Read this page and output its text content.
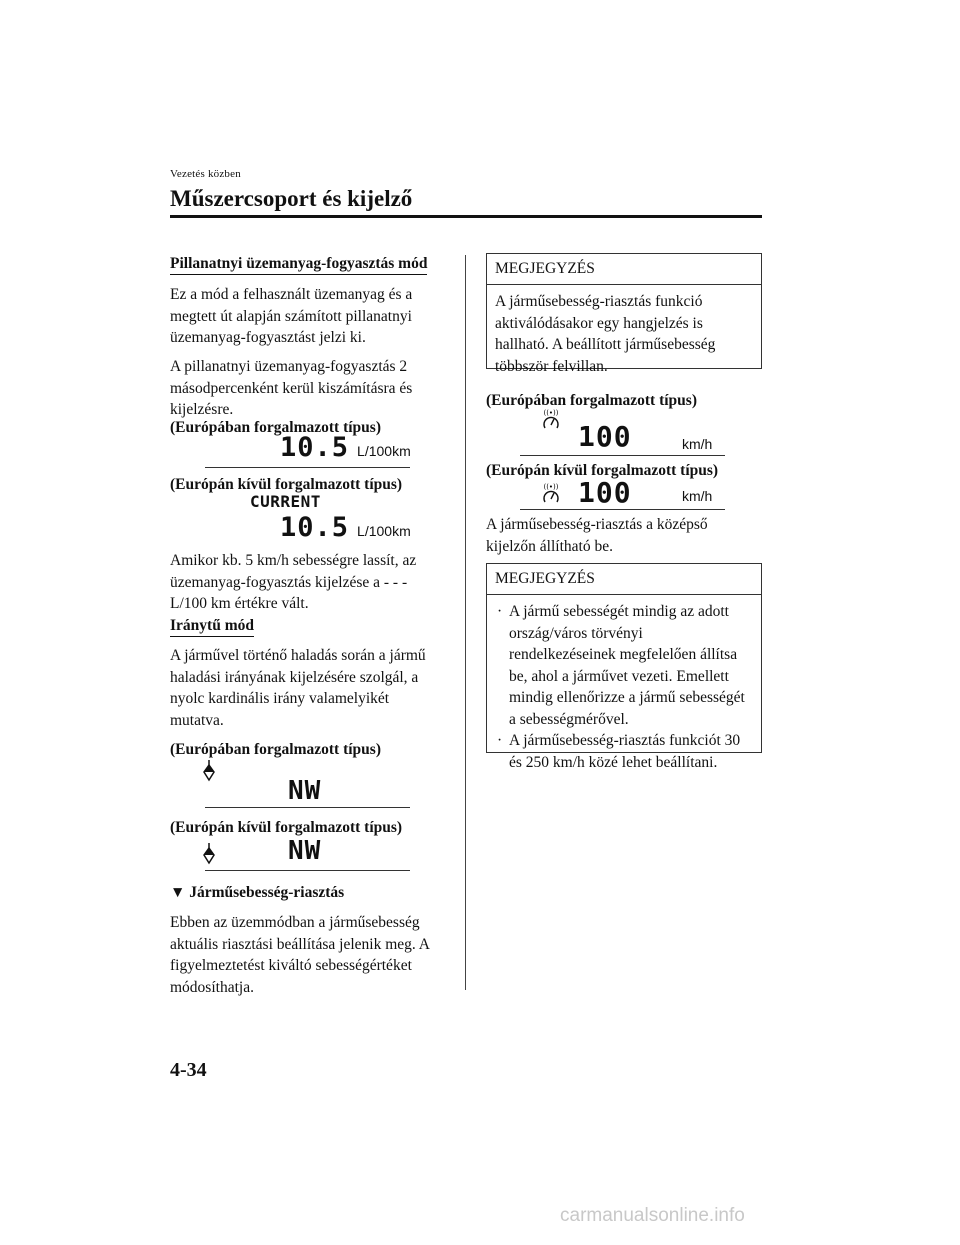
Vezetés közben
Műszercsoport és kijelző
Pillanatnyi üzemanyag-fogyasztás mód
Ez a mód a felhasznált üzemanyag és a megtett út alapján számított pillanatnyi üzemanyag-fogyasztást jelzi ki.
A pillanatnyi üzemanyag-fogyasztás 2 másodpercenként kerül kiszámításra és kijelzésre.
(Európában forgalmazott típus)
10.5 L/100km
(Európán kívül forgalmazott típus)
CURRENT
10.5 L/100km
Amikor kb. 5 km/h sebességre lassít, az üzemanyag-fogyasztás kijelzése a - - - L/100 km értékre vált.
Iránytű mód
A járművel történő haladás során a jármű haladási irányának kijelzésére szolgál, a nyolc kardinális irány valamelyikét mutatva.
(Európában forgalmazott típus)
NW
(Európán kívül forgalmazott típus)
NW
▼ Járműsebesség-riasztás
Ebben az üzemmódban a járműsebesség aktuális riasztási beállítása jelenik meg. A figyelmeztetést kiváltó sebességértéket módosíthatja.
MEGJEGYZÉS
A járműsebesség-riasztás funkció aktiválódásakor egy hangjelzés is hallható. A beállított járműsebesség többször felvillan.
(Európában forgalmazott típus)
((•))
100	km/h
(Európán kívül forgalmazott típus)
((•)) 100	km/h
A járműsebesség-riasztás a középső kijelzőn állítható be.
MEGJEGYZÉS
· A jármű sebességét mindig az adott ország/város törvényi rendelkezéseinek megfelelően állítsa be, ahol a járművet vezeti. Emellett mindig ellenőrizze a jármű sebességét a sebességmérővel.
· A járműsebesség-riasztás funkciót 30 és 250 km/h közé lehet beállítani.
4-34
carmanualsonline.info
